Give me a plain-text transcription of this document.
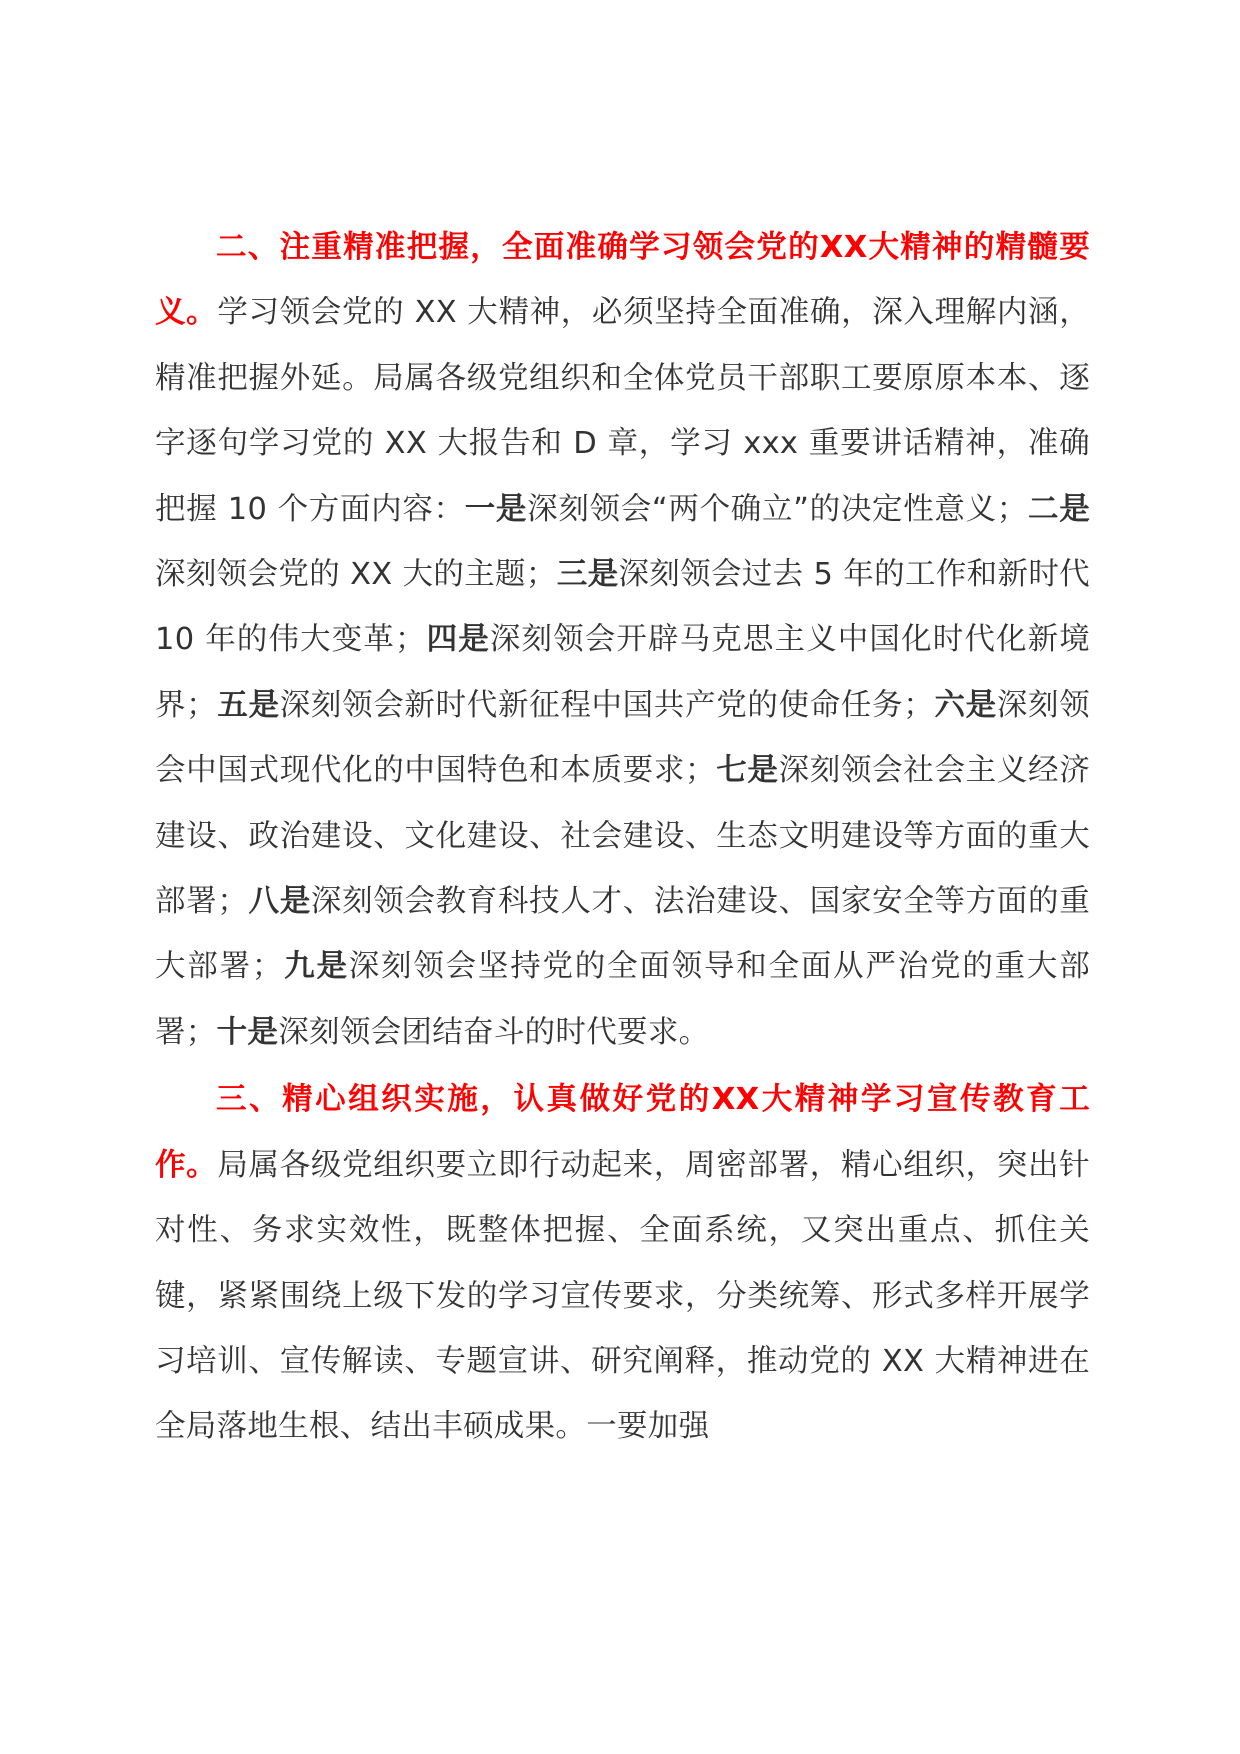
二、注重精准把握，全面准确学习领会党的XX大精神的精髓要义。学习领会党的 XX 大精神，必须坚持全面准确，深入理解内涵，精准把握外延。局属各级党组织和全体党员干部职工要原原本本、逐字逐句学习党的 XX 大报告和 D 章，学习 xxx 重要讲话精神，准确把握 10 个方面内容：一是深刻领会“两个确立”的决定性意义；二是深刻领会党的 XX 大的主题；三是深刻领会过去 5 年的工作和新时代 10 年的伟大变革；四是深刻领会开辟马克思主义中国化时代化新境界；五是深刻领会新时代新征程中国共产党的使命任务；六是深刻领会中国式现代化的中国特色和本质要求；七是深刻领会社会主义经济建设、政治建设、文化建设、社会建设、生态文明建设等方面的重大部署；八是深刻领会教育科技人才、法治建设、国家安全等方面的重大部署；九是深刻领会坚持党的全面领导和全面从严治党的重大部署；十是深刻领会团结奋斗的时代要求。

三、精心组织实施，认真做好党的XX大精神学习宣传教育工作。局属各级党组织要立即行动起来，周密部署，精心组织，突出针对性、务求实效性，既整体把握、全面系统，又突出重点、抓住关键，紧紧围绕上级下发的学习宣传要求，分类统筹、形式多样开展学习培训、宣传解读、专题宣讲、研究阐释，推动党的 XX 大精神进在全局落地生根、结出丰硕成果。一要加强
